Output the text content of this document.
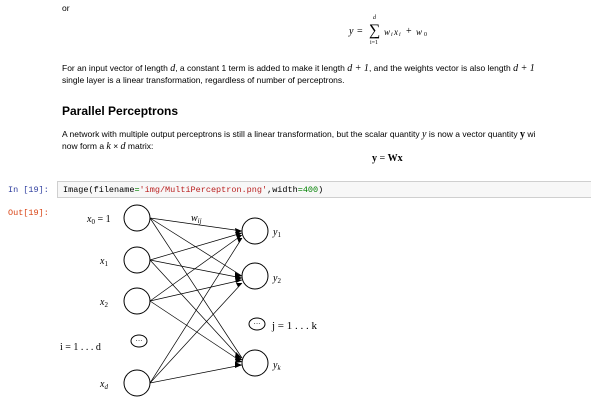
or
y =
d
∑
i=1
w i x i + w 0
For an input vector of length d, a constant 1 term is added to make it length d + 1, and the weights vector is also length d + 1
single layer is a linear transformation, regardless of number of perceptrons.
Parallel Perceptrons
A network with multiple output perceptrons is still a linear transformation, but the scalar quantity y is now a vector quantity y wi
now form a k × d matrix:
y = Wx
In [19]: Image(filename='img/MultiPerceptron.png',width=400)
Out[19]:
···
···
$x_0 = 1$
$x_1$
$x_2$
$x_d$
i = 1 . . . d
$w_{ij}$
$y_1$
$y_2$
$y_k$
j = 1 . . . k
